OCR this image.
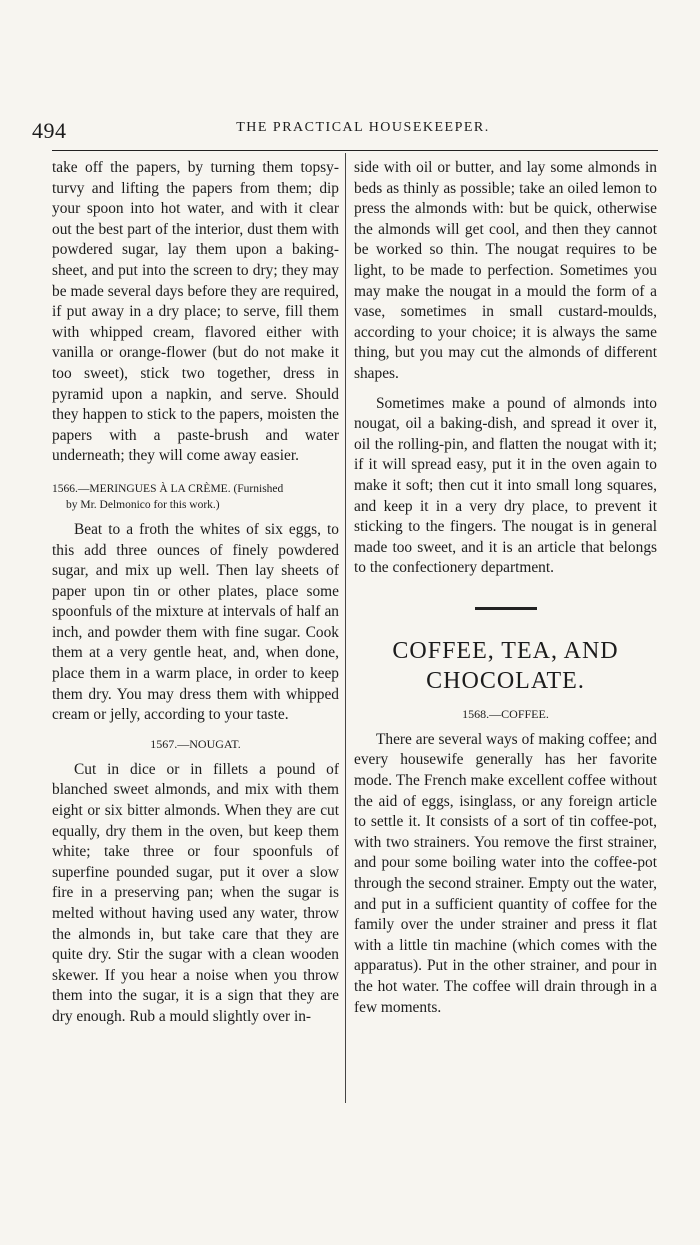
494	THE PRACTICAL HOUSEKEEPER.

take off the papers, by turning them topsy-turvy and lifting the papers from them; dip your spoon into hot water, and with it clear out the best part of the interior, dust them with powdered sugar, lay them upon a baking-sheet, and put into the screen to dry; they may be made several days before they are required, if put away in a dry place; to serve, fill them with whipped cream, flavored either with vanilla or orange-flower (but do not make it too sweet), stick two together, dress in pyramid upon a napkin, and serve. Should they happen to stick to the papers, moisten the papers with a paste-brush and water underneath; they will come away easier.

1566.—MERINGUES À LA CRÈME. (Furnished
by Mr. Delmonico for this work.)

Beat to a froth the whites of six eggs, to this add three ounces of finely powdered sugar, and mix up well. Then lay sheets of paper upon tin or other plates, place some spoonfuls of the mixture at intervals of half an inch, and powder them with fine sugar. Cook them at a very gentle heat, and, when done, place them in a warm place, in order to keep them dry. You may dress them with whipped cream or jelly, according to your taste.

1567.—NOUGAT.

Cut in dice or in fillets a pound of blanched sweet almonds, and mix with them eight or six bitter almonds. When they are cut equally, dry them in the oven, but keep them white; take three or four spoonfuls of superfine pounded sugar, put it over a slow fire in a preserving pan; when the sugar is melted without having used any water, throw the almonds in, but take care that they are quite dry. Stir the sugar with a clean wooden skewer. If you hear a noise when you throw them into the sugar, it is a sign that they are dry enough. Rub a mould slightly over in-

side with oil or butter, and lay some almonds in beds as thinly as possible; take an oiled lemon to press the almonds with: but be quick, otherwise the almonds will get cool, and then they cannot be worked so thin. The nougat requires to be light, to be made to perfection. Sometimes you may make the nougat in a mould the form of a vase, sometimes in small custard-moulds, according to your choice; it is always the same thing, but you may cut the almonds of different shapes.

Sometimes make a pound of almonds into nougat, oil a baking-dish, and spread it over it, oil the rolling-pin, and flatten the nougat with it; if it will spread easy, put it in the oven again to make it soft; then cut it into small long squares, and keep it in a very dry place, to prevent it sticking to the fingers. The nougat is in general made too sweet, and it is an article that belongs to the confectionery department.

COFFEE, TEA, AND
CHOCOLATE.

1568.—COFFEE.

There are several ways of making coffee; and every housewife generally has her favorite mode. The French make excellent coffee without the aid of eggs, isinglass, or any foreign article to settle it. It consists of a sort of tin coffee-pot, with two strainers. You remove the first strainer, and pour some boiling water into the coffee-pot through the second strainer. Empty out the water, and put in a sufficient quantity of coffee for the family over the under strainer and press it flat with a little tin machine (which comes with the apparatus). Put in the other strainer, and pour in the hot water. The coffee will drain through in a few moments.
